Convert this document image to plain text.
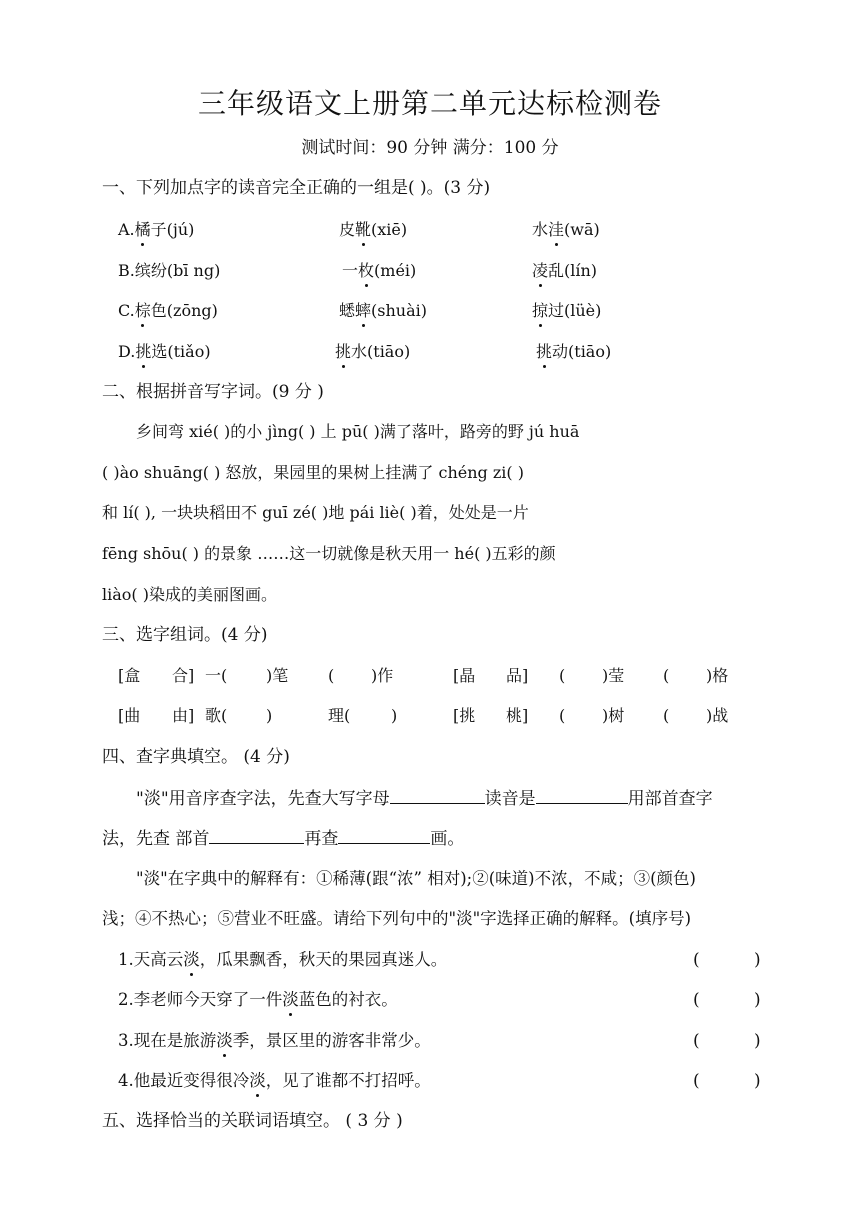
三年级语文上册第二单元达标检测卷
测试时间：90 分钟 满分：100 分
一、下列加点字的读音完全正确的一组是( )。(3 分)
A.橘子(jú)	皮靴(xiē)	水洼(wā)
B.缤纷(bī ng)	一枚(méi)	凌乱(lín)
C.棕色(zōng)	蟋蟀(shuài)	掠过(lüè)
D.挑选(tiǎo)	挑水(tiāo)	挑动(tiāo)
二、根据拼音写字词。(9 分 )
乡间弯 xié( )的小 jìng( ) 上 pū( )满了落叶，路旁的野 jú huā
( )ào shuāng( ) 怒放，果园里的果树上挂满了 chéng zi( )
和 lí( ), 一块块稻田不 guī zé( )地 pái liè( )着，处处是一片
fēng shōu( ) 的景象 ……这一切就像是秋天用一 hé( )五彩的颜
liào( )染成的美丽图画。
三、选字组词。(4 分)
[盒 合] 一( )笔 ( )作	[晶 品] ( )莹 ( )格
[曲 由] 歌( )	理(	)	[挑 桃] ( )树 ( )战
四、查字典填空。 (4 分)
"淡"用音序查字法，先查大写字母	读音是	用部首查字
法，先查 部首	再查	画。
"淡"在字典中的解释有：①稀薄(跟“浓” 相对);②(味道)不浓，不咸；③(颜色)
浅；④不热心；⑤营业不旺盛。请给下列句中的"淡"字选择正确的解释。(填序号)
1.天高云淡，瓜果飘香，秋天的果园真迷人。	(	)
2.李老师今天穿了一件淡蓝色的衬衣。	(	)
3.现在是旅游淡季，景区里的游客非常少。	(	)
4.他最近变得很冷淡，见了谁都不打招呼。	(	)
五、选择恰当的关联词语填空。 ( 3 分 )
